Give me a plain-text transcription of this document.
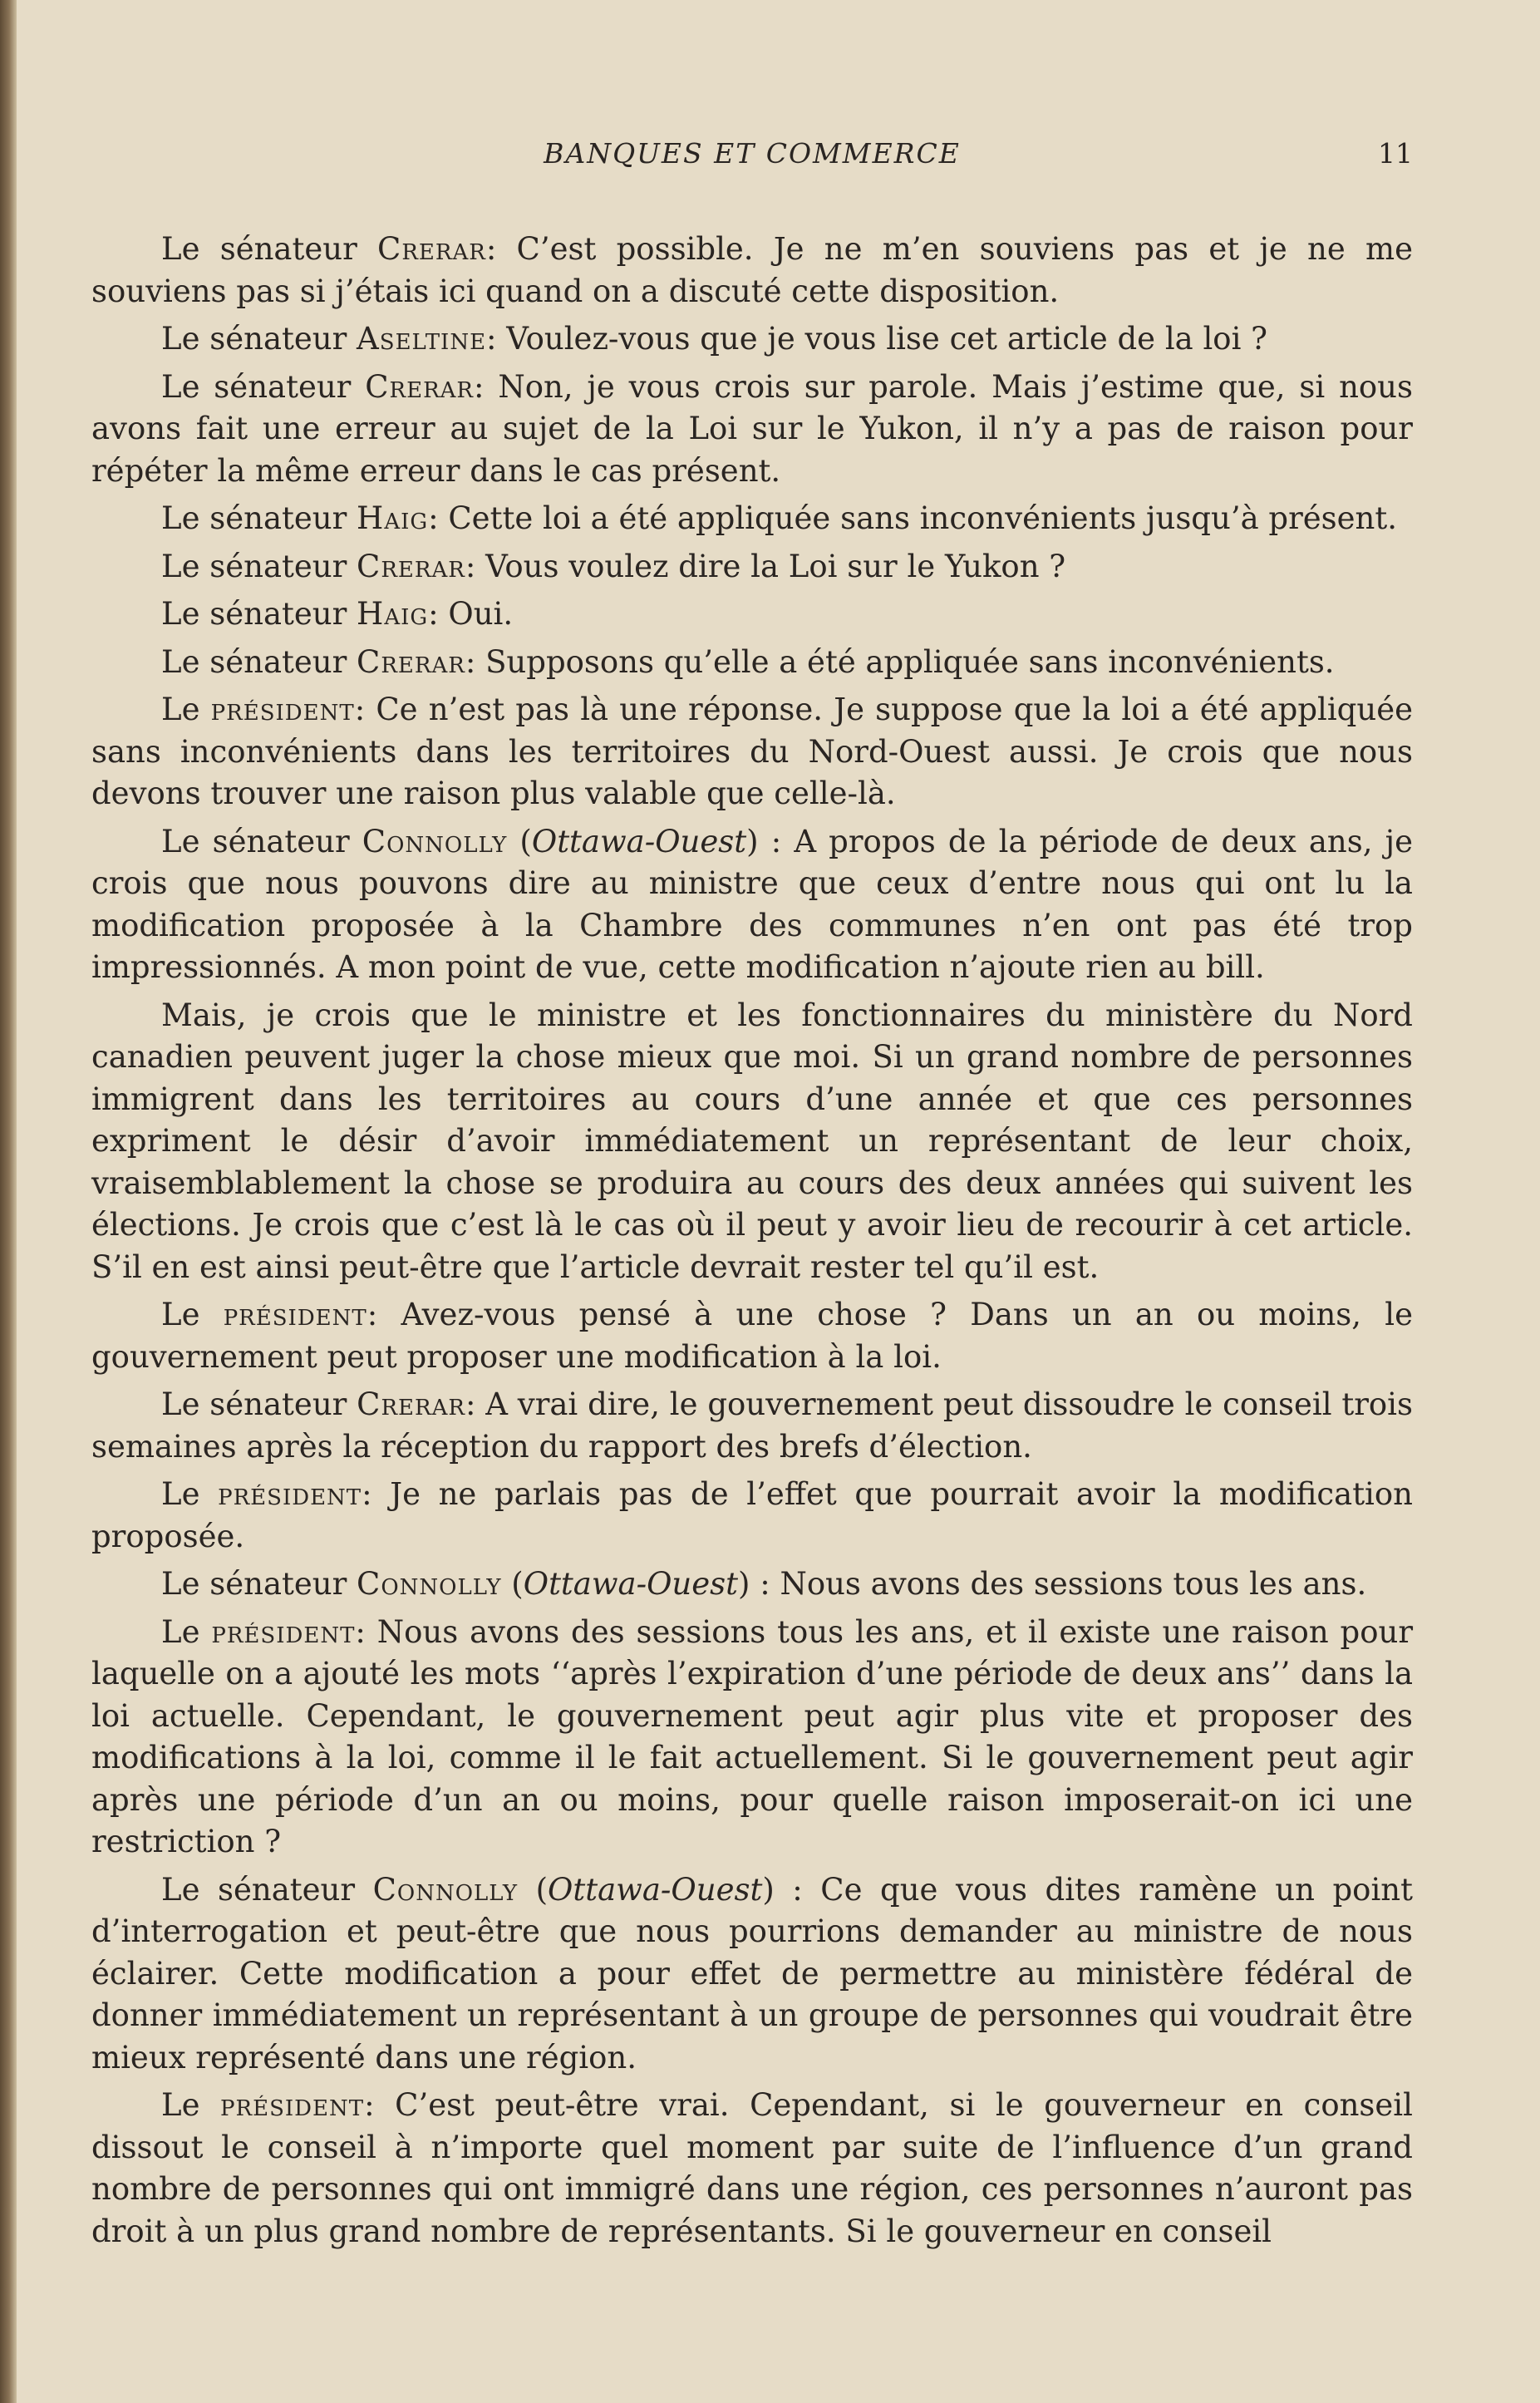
BANQUES ET COMMERCE	11

Le sénateur Crerar: C’est possible. Je ne m’en souviens pas et je ne me souviens pas si j’étais ici quand on a discuté cette disposition.

Le sénateur Aseltine: Voulez-vous que je vous lise cet article de la loi ?

Le sénateur Crerar: Non, je vous crois sur parole. Mais j’estime que, si nous avons fait une erreur au sujet de la Loi sur le Yukon, il n’y a pas de raison pour répéter la même erreur dans le cas présent.

Le sénateur Haig: Cette loi a été appliquée sans inconvénients jusqu’à présent.

Le sénateur Crerar: Vous voulez dire la Loi sur le Yukon ?

Le sénateur Haig: Oui.

Le sénateur Crerar: Supposons qu’elle a été appliquée sans inconvénients.

Le président: Ce n’est pas là une réponse. Je suppose que la loi a été appliquée sans inconvénients dans les territoires du Nord-Ouest aussi. Je crois que nous devons trouver une raison plus valable que celle-là.

Le sénateur Connolly (Ottawa-Ouest) : A propos de la période de deux ans, je crois que nous pouvons dire au ministre que ceux d’entre nous qui ont lu la modification proposée à la Chambre des communes n’en ont pas été trop impressionnés. A mon point de vue, cette modification n’ajoute rien au bill.

Mais, je crois que le ministre et les fonctionnaires du ministère du Nord canadien peuvent juger la chose mieux que moi. Si un grand nombre de personnes immigrent dans les territoires au cours d’une année et que ces personnes expriment le désir d’avoir immédiatement un représentant de leur choix, vraisemblablement la chose se produira au cours des deux années qui suivent les élections. Je crois que c’est là le cas où il peut y avoir lieu de recourir à cet article. S’il en est ainsi peut-être que l’article devrait rester tel qu’il est.

Le président: Avez-vous pensé à une chose ? Dans un an ou moins, le gouvernement peut proposer une modification à la loi.

Le sénateur Crerar: A vrai dire, le gouvernement peut dissoudre le conseil trois semaines après la réception du rapport des brefs d’élection.

Le président: Je ne parlais pas de l’effet que pourrait avoir la modification proposée.

Le sénateur Connolly (Ottawa-Ouest) : Nous avons des sessions tous les ans.

Le président: Nous avons des sessions tous les ans, et il existe une raison pour laquelle on a ajouté les mots ‘‘après l’expiration d’une période de deux ans’’ dans la loi actuelle. Cependant, le gouvernement peut agir plus vite et proposer des modifications à la loi, comme il le fait actuellement. Si le gouvernement peut agir après une période d’un an ou moins, pour quelle raison imposerait-on ici une restriction ?

Le sénateur Connolly (Ottawa-Ouest) : Ce que vous dites ramène un point d’interrogation et peut-être que nous pourrions demander au ministre de nous éclairer. Cette modification a pour effet de permettre au ministère fédéral de donner immédiatement un représentant à un groupe de personnes qui voudrait être mieux représenté dans une région.

Le président: C’est peut-être vrai. Cependant, si le gouverneur en conseil dissout le conseil à n’importe quel moment par suite de l’influence d’un grand nombre de personnes qui ont immigré dans une région, ces personnes n’auront pas droit à un plus grand nombre de représentants. Si le gouverneur en conseil
